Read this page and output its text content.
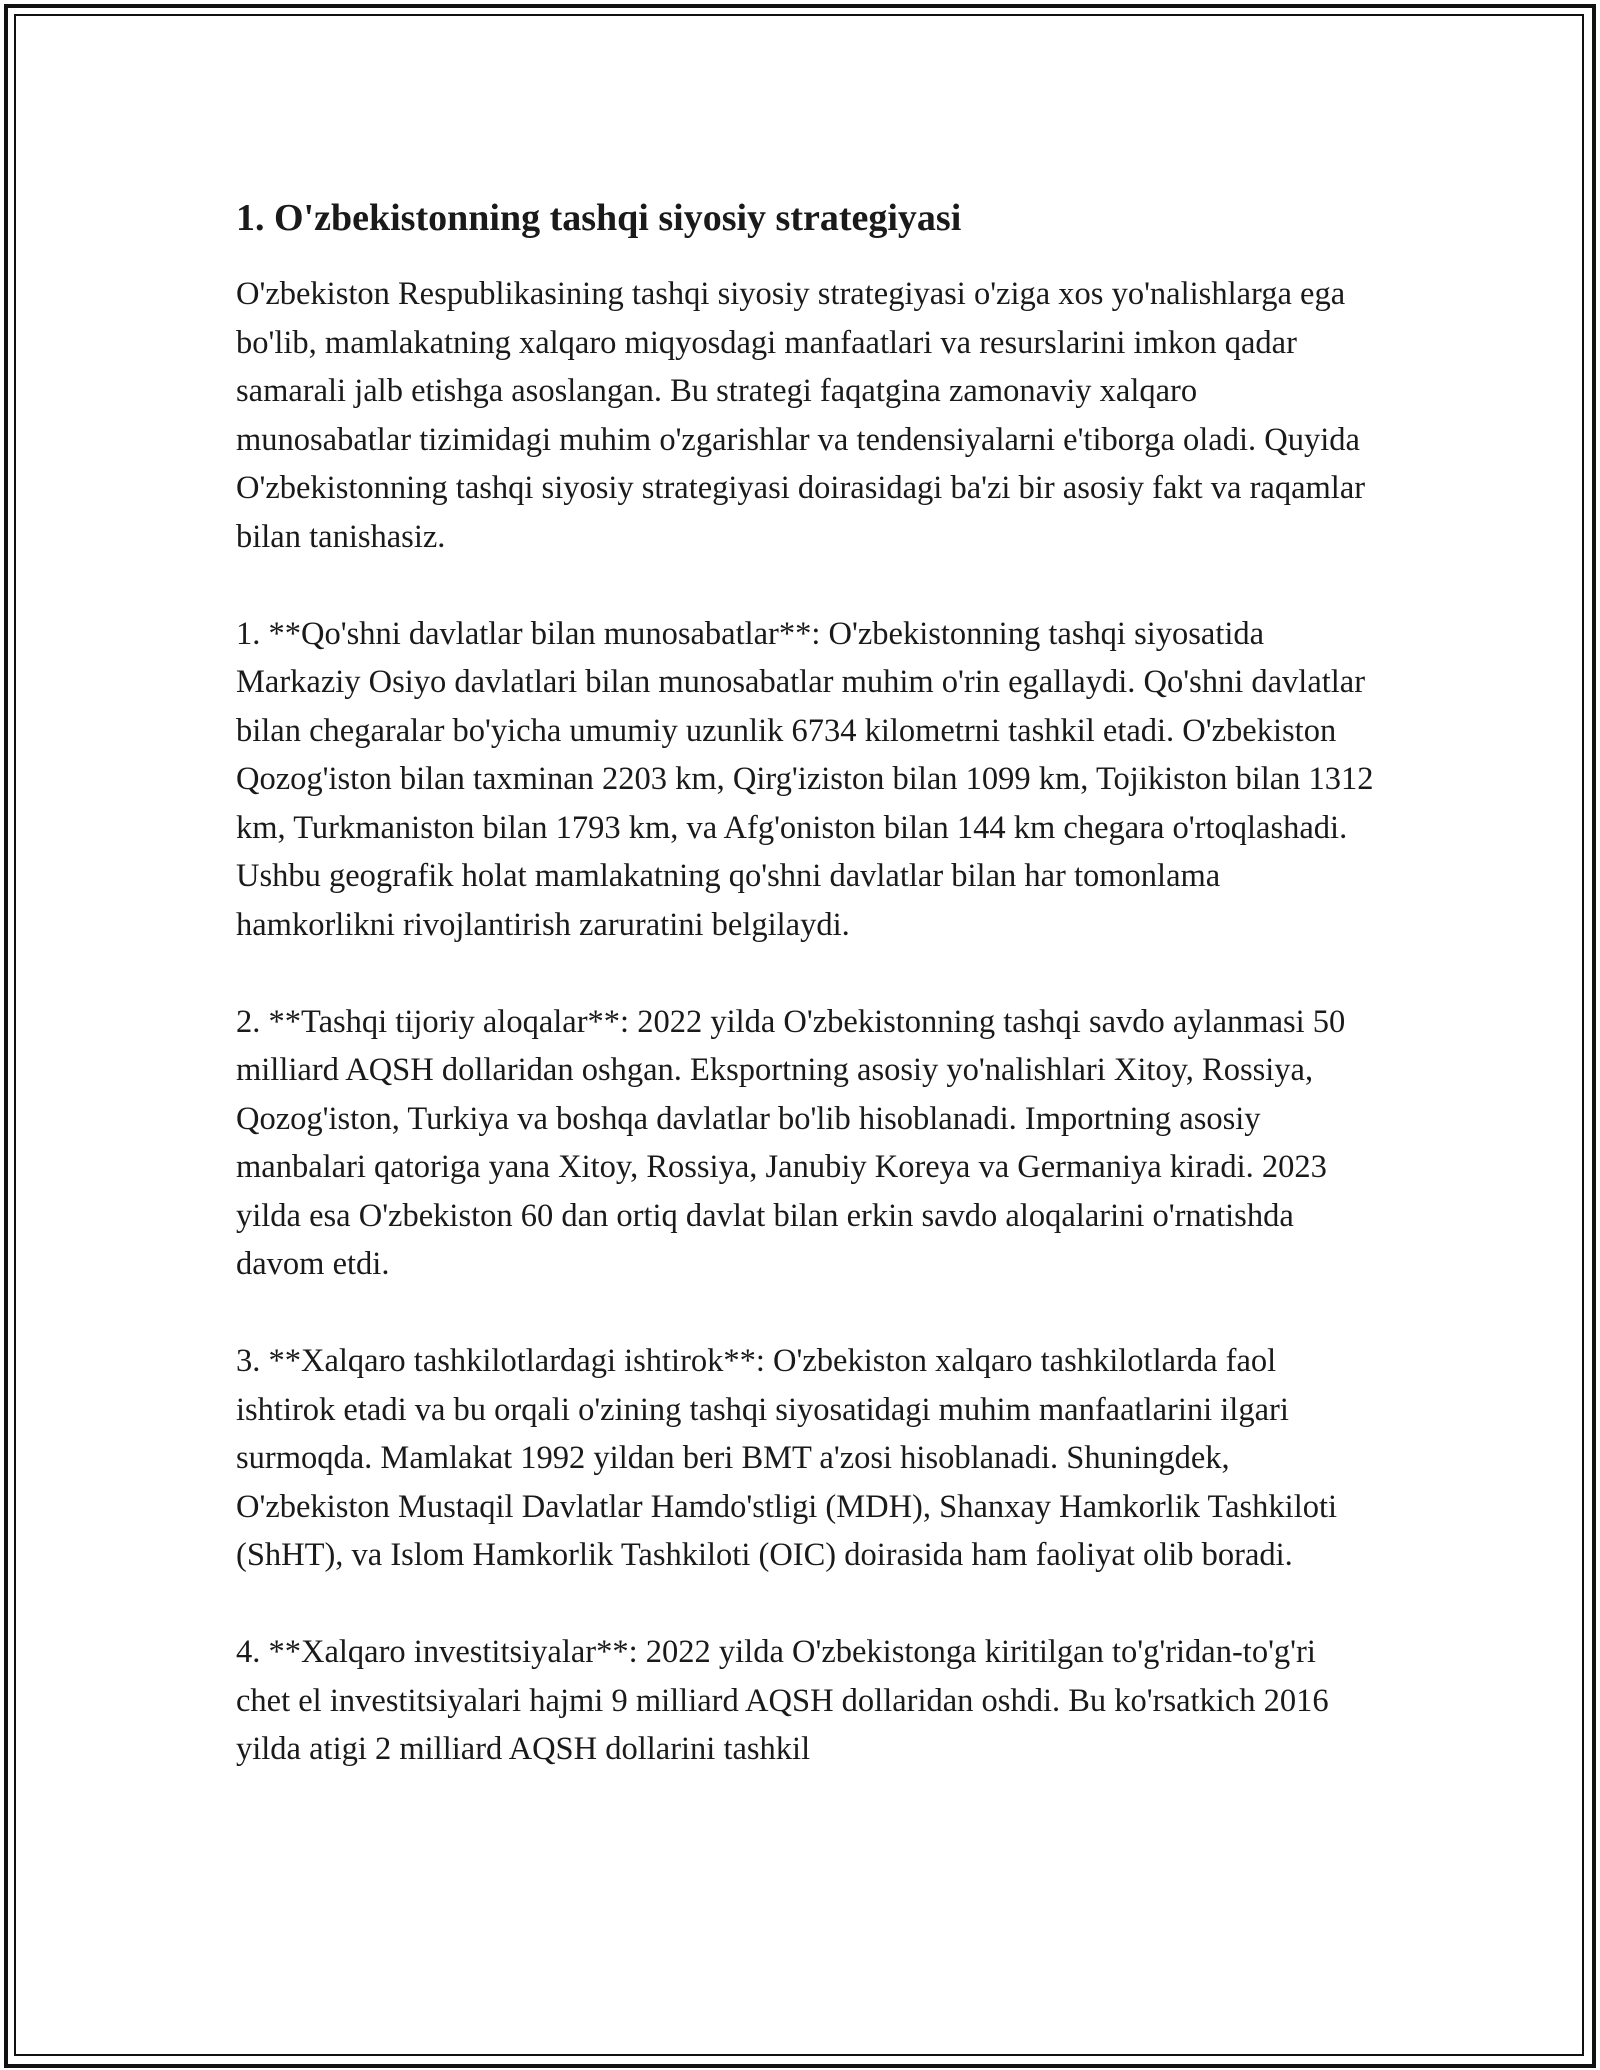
1. O'zbekistonning tashqi siyosiy strategiyasi

O'zbekiston Respublikasining tashqi siyosiy strategiyasi o'ziga xos yo'nalishlarga ega bo'lib, mamlakatning xalqaro miqyosdagi manfaatlari va resurslarini imkon qadar samarali jalb etishga asoslangan. Bu strategi faqatgina zamonaviy xalqaro munosabatlar tizimidagi muhim o'zgarishlar va tendensiyalarni e'tiborga oladi. Quyida O'zbekistonning tashqi siyosiy strategiyasi doirasidagi ba'zi bir asosiy fakt va raqamlar bilan tanishasiz.

1. **Qo'shni davlatlar bilan munosabatlar**: O'zbekistonning tashqi siyosatida Markaziy Osiyo davlatlari bilan munosabatlar muhim o'rin egallaydi. Qo'shni davlatlar bilan chegaralar bo'yicha umumiy uzunlik 6734 kilometrni tashkil etadi. O'zbekiston Qozog'iston bilan taxminan 2203 km, Qirg'iziston bilan 1099 km, Tojikiston bilan 1312 km, Turkmaniston bilan 1793 km, va Afg'oniston bilan 144 km chegara o'rtoqlashadi. Ushbu geografik holat mamlakatning qo'shni davlatlar bilan har tomonlama hamkorlikni rivojlantirish zaruratini belgilaydi.

2. **Tashqi tijoriy aloqalar**: 2022 yilda O'zbekistonning tashqi savdo aylanmasi 50 milliard AQSH dollaridan oshgan. Eksportning asosiy yo'nalishlari Xitoy, Rossiya, Qozog'iston, Turkiya va boshqa davlatlar bo'lib hisoblanadi. Importning asosiy manbalari qatoriga yana Xitoy, Rossiya, Janubiy Koreya va Germaniya kiradi. 2023 yilda esa O'zbekiston 60 dan ortiq davlat bilan erkin savdo aloqalarini o'rnatishda davom etdi.

3. **Xalqaro tashkilotlardagi ishtirok**: O'zbekiston xalqaro tashkilotlarda faol ishtirok etadi va bu orqali o'zining tashqi siyosatidagi muhim manfaatlarini ilgari surmoqda. Mamlakat 1992 yildan beri BMT a'zosi hisoblanadi. Shuningdek, O'zbekiston Mustaqil Davlatlar Hamdo'stligi (MDH), Shanxay Hamkorlik Tashkiloti (ShHT), va Islom Hamkorlik Tashkiloti (OIC) doirasida ham faoliyat olib boradi.

4. **Xalqaro investitsiyalar**: 2022 yilda O'zbekistonga kiritilgan to'g'ridan-to'g'ri chet el investitsiyalari hajmi 9 milliard AQSH dollaridan oshdi. Bu ko'rsatkich 2016 yilda atigi 2 milliard AQSH dollarini tashkil
